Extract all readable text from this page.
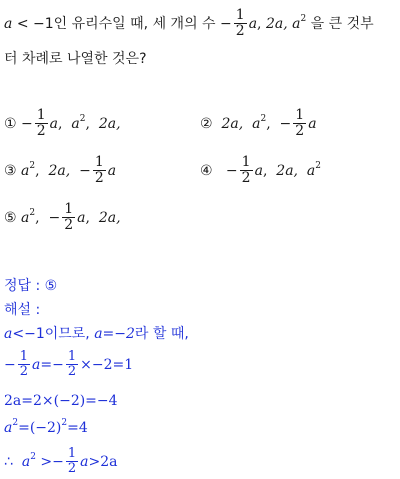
a < −1인 유리수일 때, 세 개의 수 − $\frac{1}{2} a$, 2a, $a^2$ 을 큰 것부
터 차례로 나열한 것은?
① − $\frac{1}{2} a$, $a^2$, 2a,	② 2a, $a^2$, − $\frac{1}{2}$ a
③ $a^2$, 2a, − $\frac{1}{2}$ a	④ − $\frac{1}{2} a$, 2a, $a^2$
⑤ $a^2$, − $\frac{1}{2} a$, 2a,
정답 : ⑤
해설 :
a<−1이므로, a=−2라 할 때,
− $\frac{1}{2} a=- \frac{1}{2} \times-2=1$
2a=2×(−2)=−4
$a^2=(-2)^2=4$
∴ $a^2 >- \frac{1}{2} a>2a$
